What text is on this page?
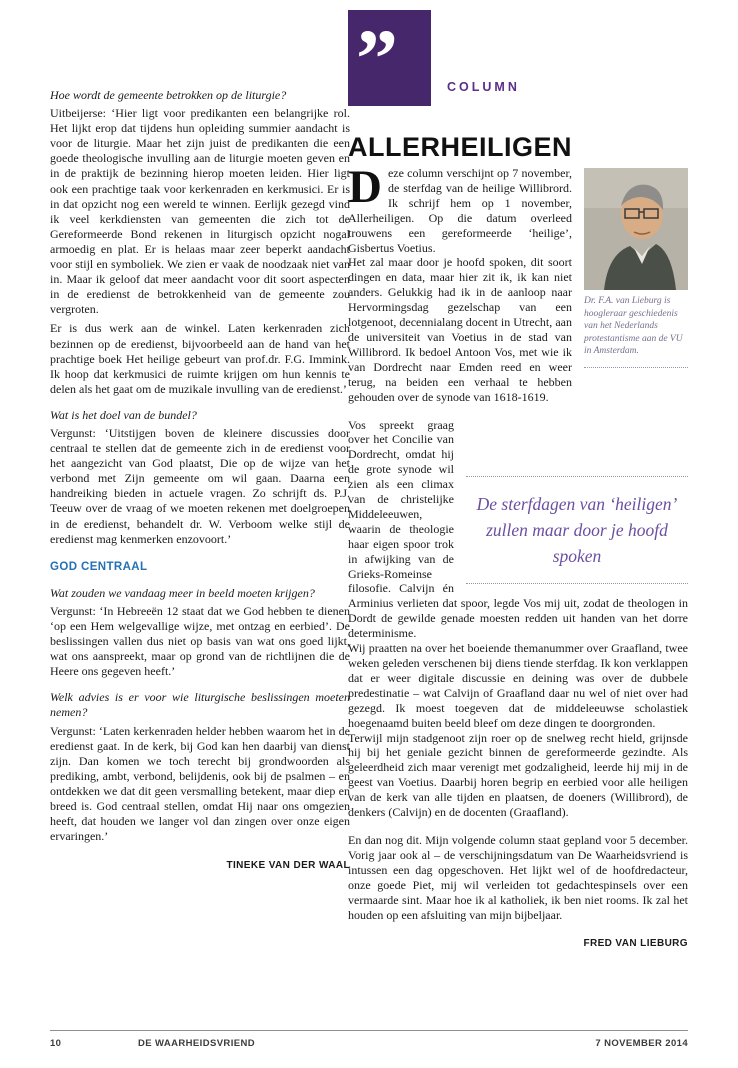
Hoe wordt de gemeente betrokken op de liturgie?

Uitbeijerse: ‘Hier ligt voor predikanten een belangrijke rol. Het lijkt erop dat tijdens hun opleiding summier aandacht is voor de liturgie. Maar het zijn juist de predikanten die een goede theologische invulling aan de liturgie moeten geven en in de praktijk de bezinning hierop moeten leiden. Hier ligt ook een prachtige taak voor kerkenraden en kerkmusici. Er is in dat opzicht nog een wereld te winnen. Eerlijk gezegd vind ik veel kerkdiensten van gemeenten die zich tot de Gereformeerde Bond rekenen in liturgisch opzicht nogal armoedig en plat. Er is helaas maar zeer beperkt aandacht voor stijl en symboliek. We zien er vaak de noodzaak niet van in. Maar ik geloof dat meer aandacht voor dit soort aspecten in de eredienst de betrokkenheid van de gemeente zou vergroten.

Er is dus werk aan de winkel. Laten kerkenraden zich bezinnen op de eredienst, bijvoorbeeld aan de hand van het prachtige boek Het heilige gebeurt van prof.dr. F.G. Immink. Ik hoop dat kerkmusici de ruimte krijgen om hun kennis te delen als het gaat om de muzikale invulling van de eredienst.’

Wat is het doel van de bundel?

Vergunst: ‘Uitstijgen boven de kleinere discussies door centraal te stellen dat de gemeente zich in de eredienst voor het aangezicht van God plaatst, Die op de wijze van het verbond met Zijn gemeente om wil gaan. Daarna een handreiking bieden in actuele vragen. Zo schrijft ds. P.J. Teeuw over de vraag of we moeten rekenen met doelgroepen in de eredienst, behandelt dr. W. Verboom welke stijl de eredienst mag kenmerken enzovoort.’

GOD CENTRAAL

Wat zouden we vandaag meer in beeld moeten krijgen?

Vergunst: ‘In Hebreeën 12 staat dat we God hebben te dienen ‘op een Hem welgevallige wijze, met ontzag en eerbied’. De beslissingen vallen dus niet op basis van wat ons goed lijkt, wat ons aanspreekt, maar op grond van de richtlijnen die de Heere ons gegeven heeft.’

Welk advies is er voor wie liturgische beslissingen moeten nemen?

Vergunst: ‘Laten kerkenraden helder hebben waarom het in de eredienst gaat. In de kerk, bij God kan hen daarbij van dienst zijn. Dan komen we toch terecht bij grondwoorden als prediking, ambt, verbond, belijdenis, ook bij de psalmen – en ontdekken we dat dit geen versmalling betekent, maar diep en breed is. God centraal stellen, omdat Hij naar ons omgezien heeft, dat houden we langer vol dan zingen over onze eigen ervaringen.’

TINEKE VAN DER WAAL

”	COLUMN
ALLERHEILIGEN

Dr. F.A. van Lieburg is hoogleraar geschiedenis van het Nederlands protestantisme aan de VU in Amsterdam.

Deze column verschijnt op 7 november, de sterfdag van de heilige Willibrord. Ik schrijf hem op 1 november, Allerheiligen. Op die datum overleed trouwens een gereformeerde ‘heilige’, Gisbertus Voetius.

Het zal maar door je hoofd spoken, dit soort dingen en data, maar hier zit ik, ik kan niet anders. Gelukkig had ik in de aanloop naar Hervormingsdag gezelschap van een lotgenoot, decennialang docent in Utrecht, aan de universiteit van Voetius in de stad van Willibrord. Ik bedoel Antoon Vos, met wie ik van Dordrecht naar Emden reed en weer terug, na beiden een verhaal te hebben gehouden over de synode van 1618-1619.

De sterfdagen van ‘heiligen’ zullen maar door je hoofd spoken
Vos spreekt graag over het Concilie van Dordrecht, omdat hij de grote synode wil zien als een climax van de christelijke Middeleeuwen, waarin de theologie haar eigen spoor trok in afwijking van de Grieks-Romeinse filosofie. Calvijn én Arminius verlieten dat spoor, legde Vos mij uit, zodat de theologen in Dordt de gewilde genade moesten redden uit handen van het dorre determinisme.

Wij praatten na over het boeiende themanummer over Graafland, twee weken geleden verschenen bij diens tiende sterfdag. Ik kon verklappen dat er weer digitale discussie en deining was over de dubbele predestinatie – wat Calvijn of Graafland daar nu wel of niet over had gezegd. Ik moest toegeven dat de middeleeuwse scholastiek hoegenaamd buiten beeld bleef om deze dingen te doorgronden.

Terwijl mijn stadgenoot zijn roer op de snelweg recht hield, grijnsde hij bij het geniale gezicht binnen de gereformeerde gezindte. Als geleerdheid zich maar verenigt met godzaligheid, leerde hij mij in de geest van Voetius. Daarbij horen begrip en eerbied voor alle heiligen van de kerk van alle tijden en plaatsen, de doeners (Willibrord), de denkers (Calvijn) en de docenten (Graafland).

En dan nog dit. Mijn volgende column staat gepland voor 5 december. Vorig jaar ook al – de verschijningsdatum van De Waarheidsvriend is intussen een dag opgeschoven. Het lijkt wel of de hoofdredacteur, onze goede Piet, mij wil verleiden tot gedachtespinsels over een vermaarde sint. Maar hoe ik al katholiek, ik ben niet rooms. Ik zal het houden op een afsluiting van mijn bijbeljaar.

FRED VAN LIEBURG

10	DE WAARHEIDSVRIEND	7 NOVEMBER 2014
